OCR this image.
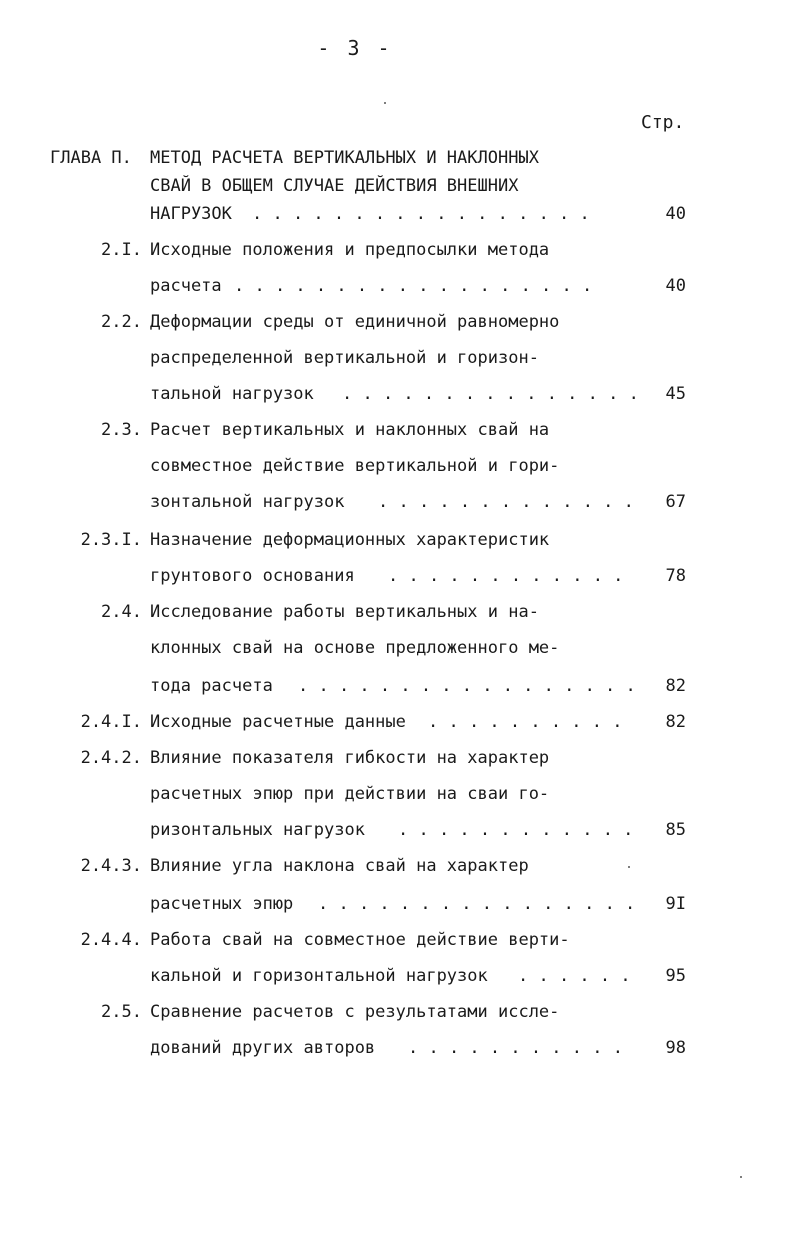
- 3 -
Стр.
ГЛАВА П.	МЕТОД РАСЧЕТА ВЕРТИКАЛЬНЫХ И НАКЛОННЫХ
СВАЙ В ОБЩЕМ СЛУЧАЕ ДЕЙСТВИЯ ВНЕШНИХ
НАГРУЗОК . . . . . . . . . . . . . . . . .	40
2.I. Исходные положения и предпосылки метода
расчета . . . . . . . . . . . . . . . . . .	40
2.2. Деформации среды от единичной равномерно
распределенной вертикальной и горизон-
тальной нагрузок . . . . . . . . . . . . . . .	45
2.3. Расчет вертикальных и наклонных свай на
совместное действие вертикальной и гори-
зонтальной нагрузок . . . . . . . . . . . . .	67
2.3.I. Назначение деформационных характеристик
грунтового основания . . . . . . . . . . . .	78
2.4. Исследование работы вертикальных и на-
клонных свай на основе предложенного ме-
тода расчета . . . . . . . . . . . . . . . . .	82
2.4.I. Исходные расчетные данные . . . . . . . . . .	82
2.4.2. Влияние показателя гибкости на характер
расчетных эпюр при действии на сваи го-
ризонтальных нагрузок . . . . . . . . . . . .	85
2.4.3. Влияние угла наклона свай на характер
расчетных эпюр . . . . . . . . . . . . . . . .	9I
2.4.4. Работа свай на совместное действие верти-
кальной и горизонтальной нагрузок . . . . . .	95
2.5. Сравнение расчетов с результатами иссле-
дований других авторов . . . . . . . . . . .	98
